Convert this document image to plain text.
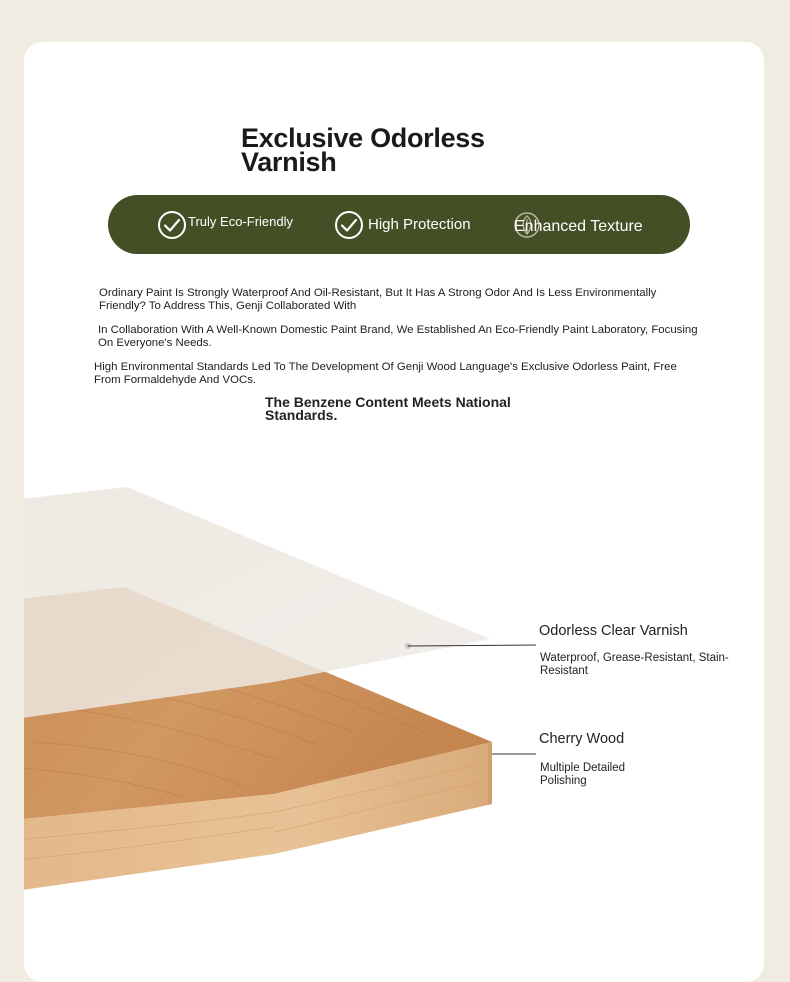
Exclusive Odorless Varnish
Truly Eco-Friendly	High Protection	Enhanced Texture
Ordinary Paint Is Strongly Waterproof And Oil-Resistant, But It Has A Strong Odor And Is Less Environmentally Friendly? To Address This, Genji Collaborated With
In Collaboration With A Well-Known Domestic Paint Brand, We Established An Eco-Friendly Paint Laboratory, Focusing On Everyone's Needs.
High Environmental Standards Led To The Development Of Genji Wood Language's Exclusive Odorless Paint, Free From Formaldehyde And VOCs.
The Benzene Content Meets National Standards.
Odorless Clear Varnish
Waterproof, Grease-Resistant, Stain-Resistant
Cherry Wood
Multiple Detailed Polishing
